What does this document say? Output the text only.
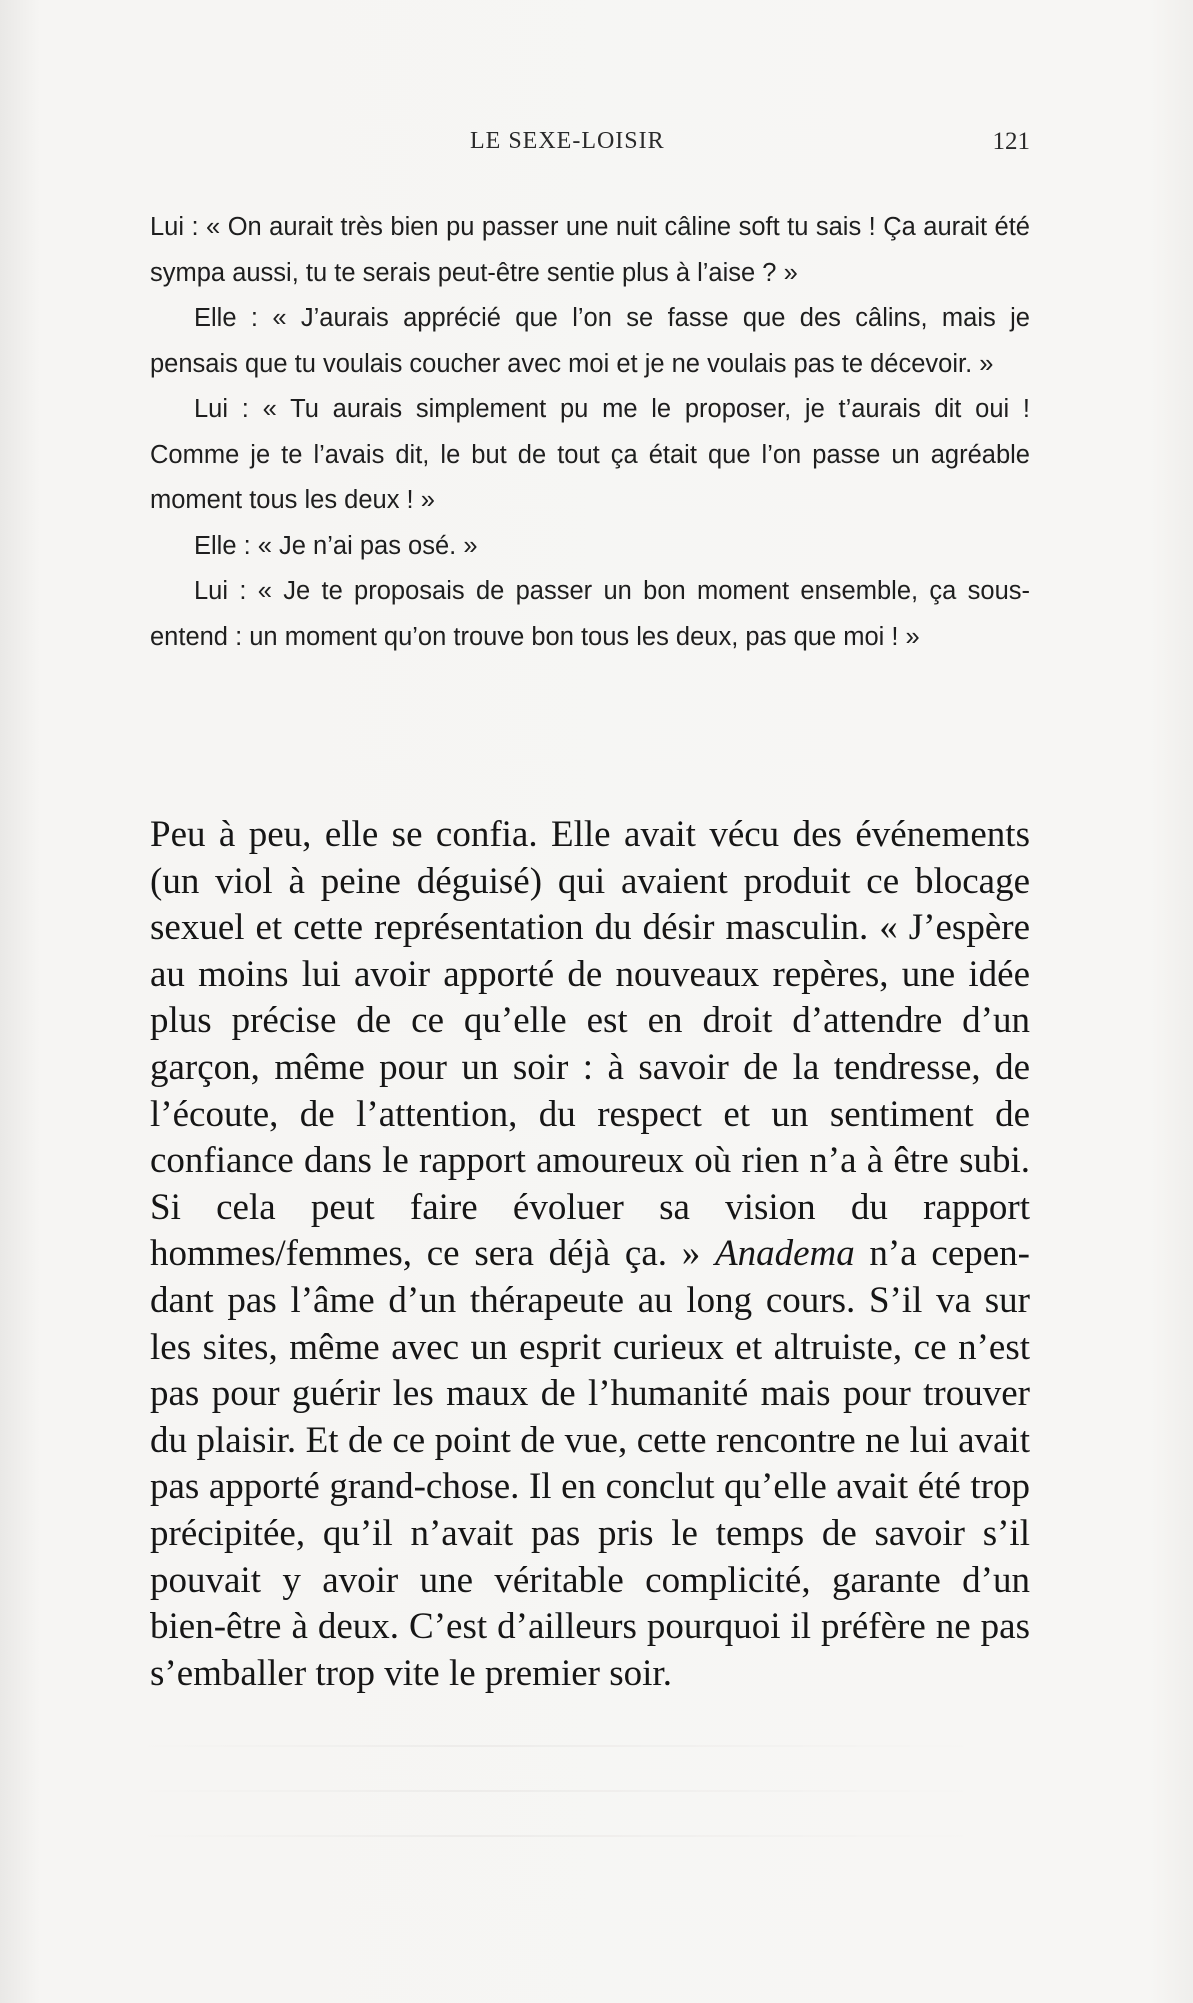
LE SEXE-LOISIR	121

Lui : « On aurait très bien pu passer une nuit câline soft tu sais ! Ça aurait été sympa aussi, tu te serais peut-être sentie plus à l’aise ? »

Elle : « J’aurais apprécié que l’on se fasse que des câlins, mais je pensais que tu voulais coucher avec moi et je ne voulais pas te décevoir. »

Lui : « Tu aurais simplement pu me le proposer, je t’aurais dit oui ! Comme je te l’avais dit, le but de tout ça était que l’on passe un agréable moment tous les deux ! »

Elle : « Je n’ai pas osé. »

Lui : « Je te proposais de passer un bon moment ensemble, ça sous-entend : un moment qu’on trouve bon tous les deux, pas que moi ! »

Peu à peu, elle se confia. Elle avait vécu des événements (un viol à peine déguisé) qui avaient produit ce blocage sexuel et cette représentation du désir masculin. « J’espère au moins lui avoir apporté de nouveaux repères, une idée plus précise de ce qu’elle est en droit d’attendre d’un garçon, même pour un soir : à savoir de la tendresse, de l’écoute, de l’attention, du respect et un sentiment de confiance dans le rapport amoureux où rien n’a à être subi. Si cela peut faire évoluer sa vision du rapport hommes/femmes, ce sera déjà ça. » Anadema n’a cependant pas l’âme d’un thérapeute au long cours. S’il va sur les sites, même avec un esprit curieux et altruiste, ce n’est pas pour guérir les maux de l’humanité mais pour trouver du plaisir. Et de ce point de vue, cette rencontre ne lui avait pas apporté grand-chose. Il en conclut qu’elle avait été trop précipitée, qu’il n’avait pas pris le temps de savoir s’il pouvait y avoir une véritable complicité, garante d’un bien-être à deux. C’est d’ailleurs pourquoi il préfère ne pas s’emballer trop vite le premier soir.
